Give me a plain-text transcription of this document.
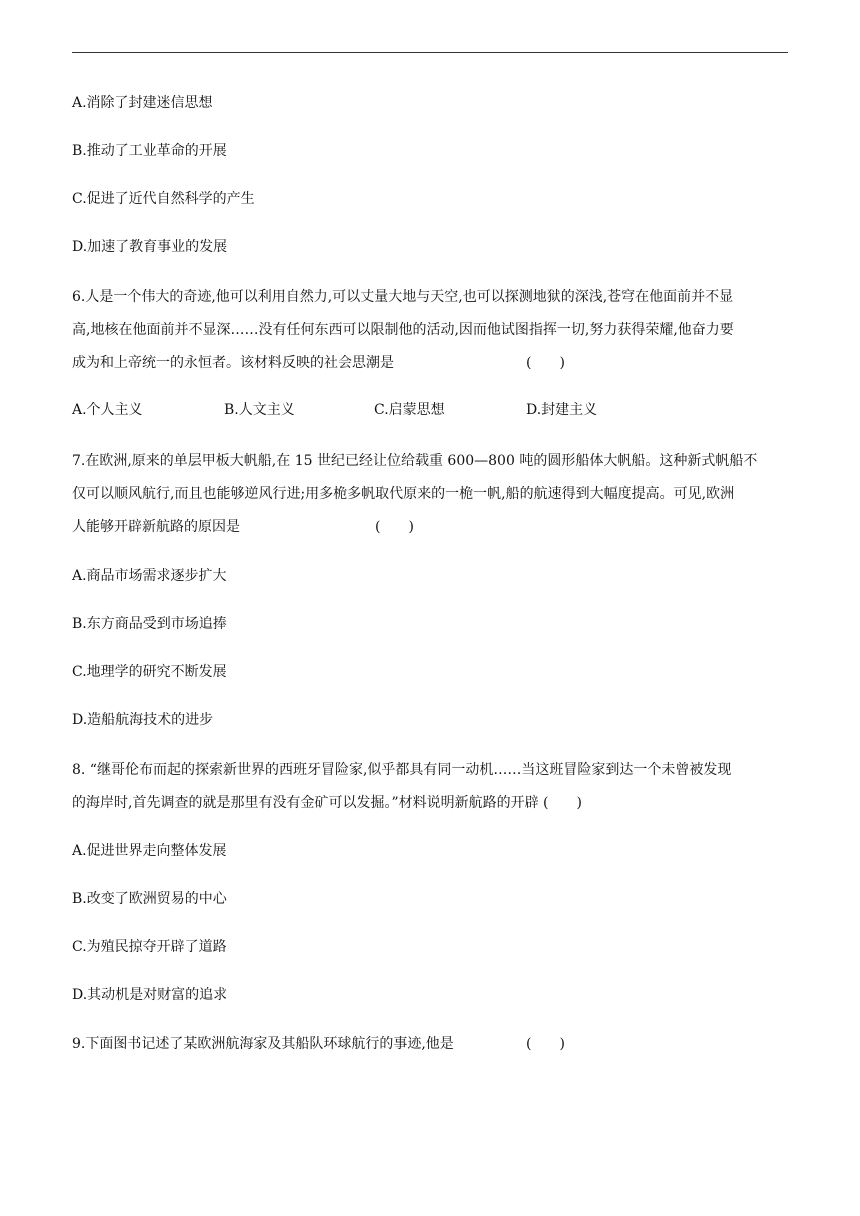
A.消除了封建迷信思想
B.推动了工业革命的开展
C.促进了近代自然科学的产生
D.加速了教育事业的发展
6.人是一个伟大的奇迹,他可以利用自然力,可以丈量大地与天空,也可以探测地狱的深浅,苍穹在他面前并不显
高,地核在他面前并不显深……没有任何东西可以限制他的活动,因而他试图指挥一切,努力获得荣耀,他奋力要
成为和上帝统一的永恒者。该材料反映的社会思潮是	(　　)
A.个人主义	B.人文主义	C.启蒙思想	D.封建主义
7.在欧洲,原来的单层甲板大帆船,在 15 世纪已经让位给载重 600—800 吨的圆形船体大帆船。这种新式帆船不
仅可以顺风航行,而且也能够逆风行进;用多桅多帆取代原来的一桅一帆,船的航速得到大幅度提高。可见,欧洲
人能够开辟新航路的原因是	(　　)
A.商品市场需求逐步扩大
B.东方商品受到市场追捧
C.地理学的研究不断发展
D.造船航海技术的进步
8. “继哥伦布而起的探索新世界的西班牙冒险家,似乎都具有同一动机……当这班冒险家到达一个未曾被发现
的海岸时,首先调查的就是那里有没有金矿可以发掘。”材料说明新航路的开辟 (　　)
A.促进世界走向整体发展
B.改变了欧洲贸易的中心
C.为殖民掠夺开辟了道路
D.其动机是对财富的追求
9.下面图书记述了某欧洲航海家及其船队环球航行的事迹,他是	(　　)
